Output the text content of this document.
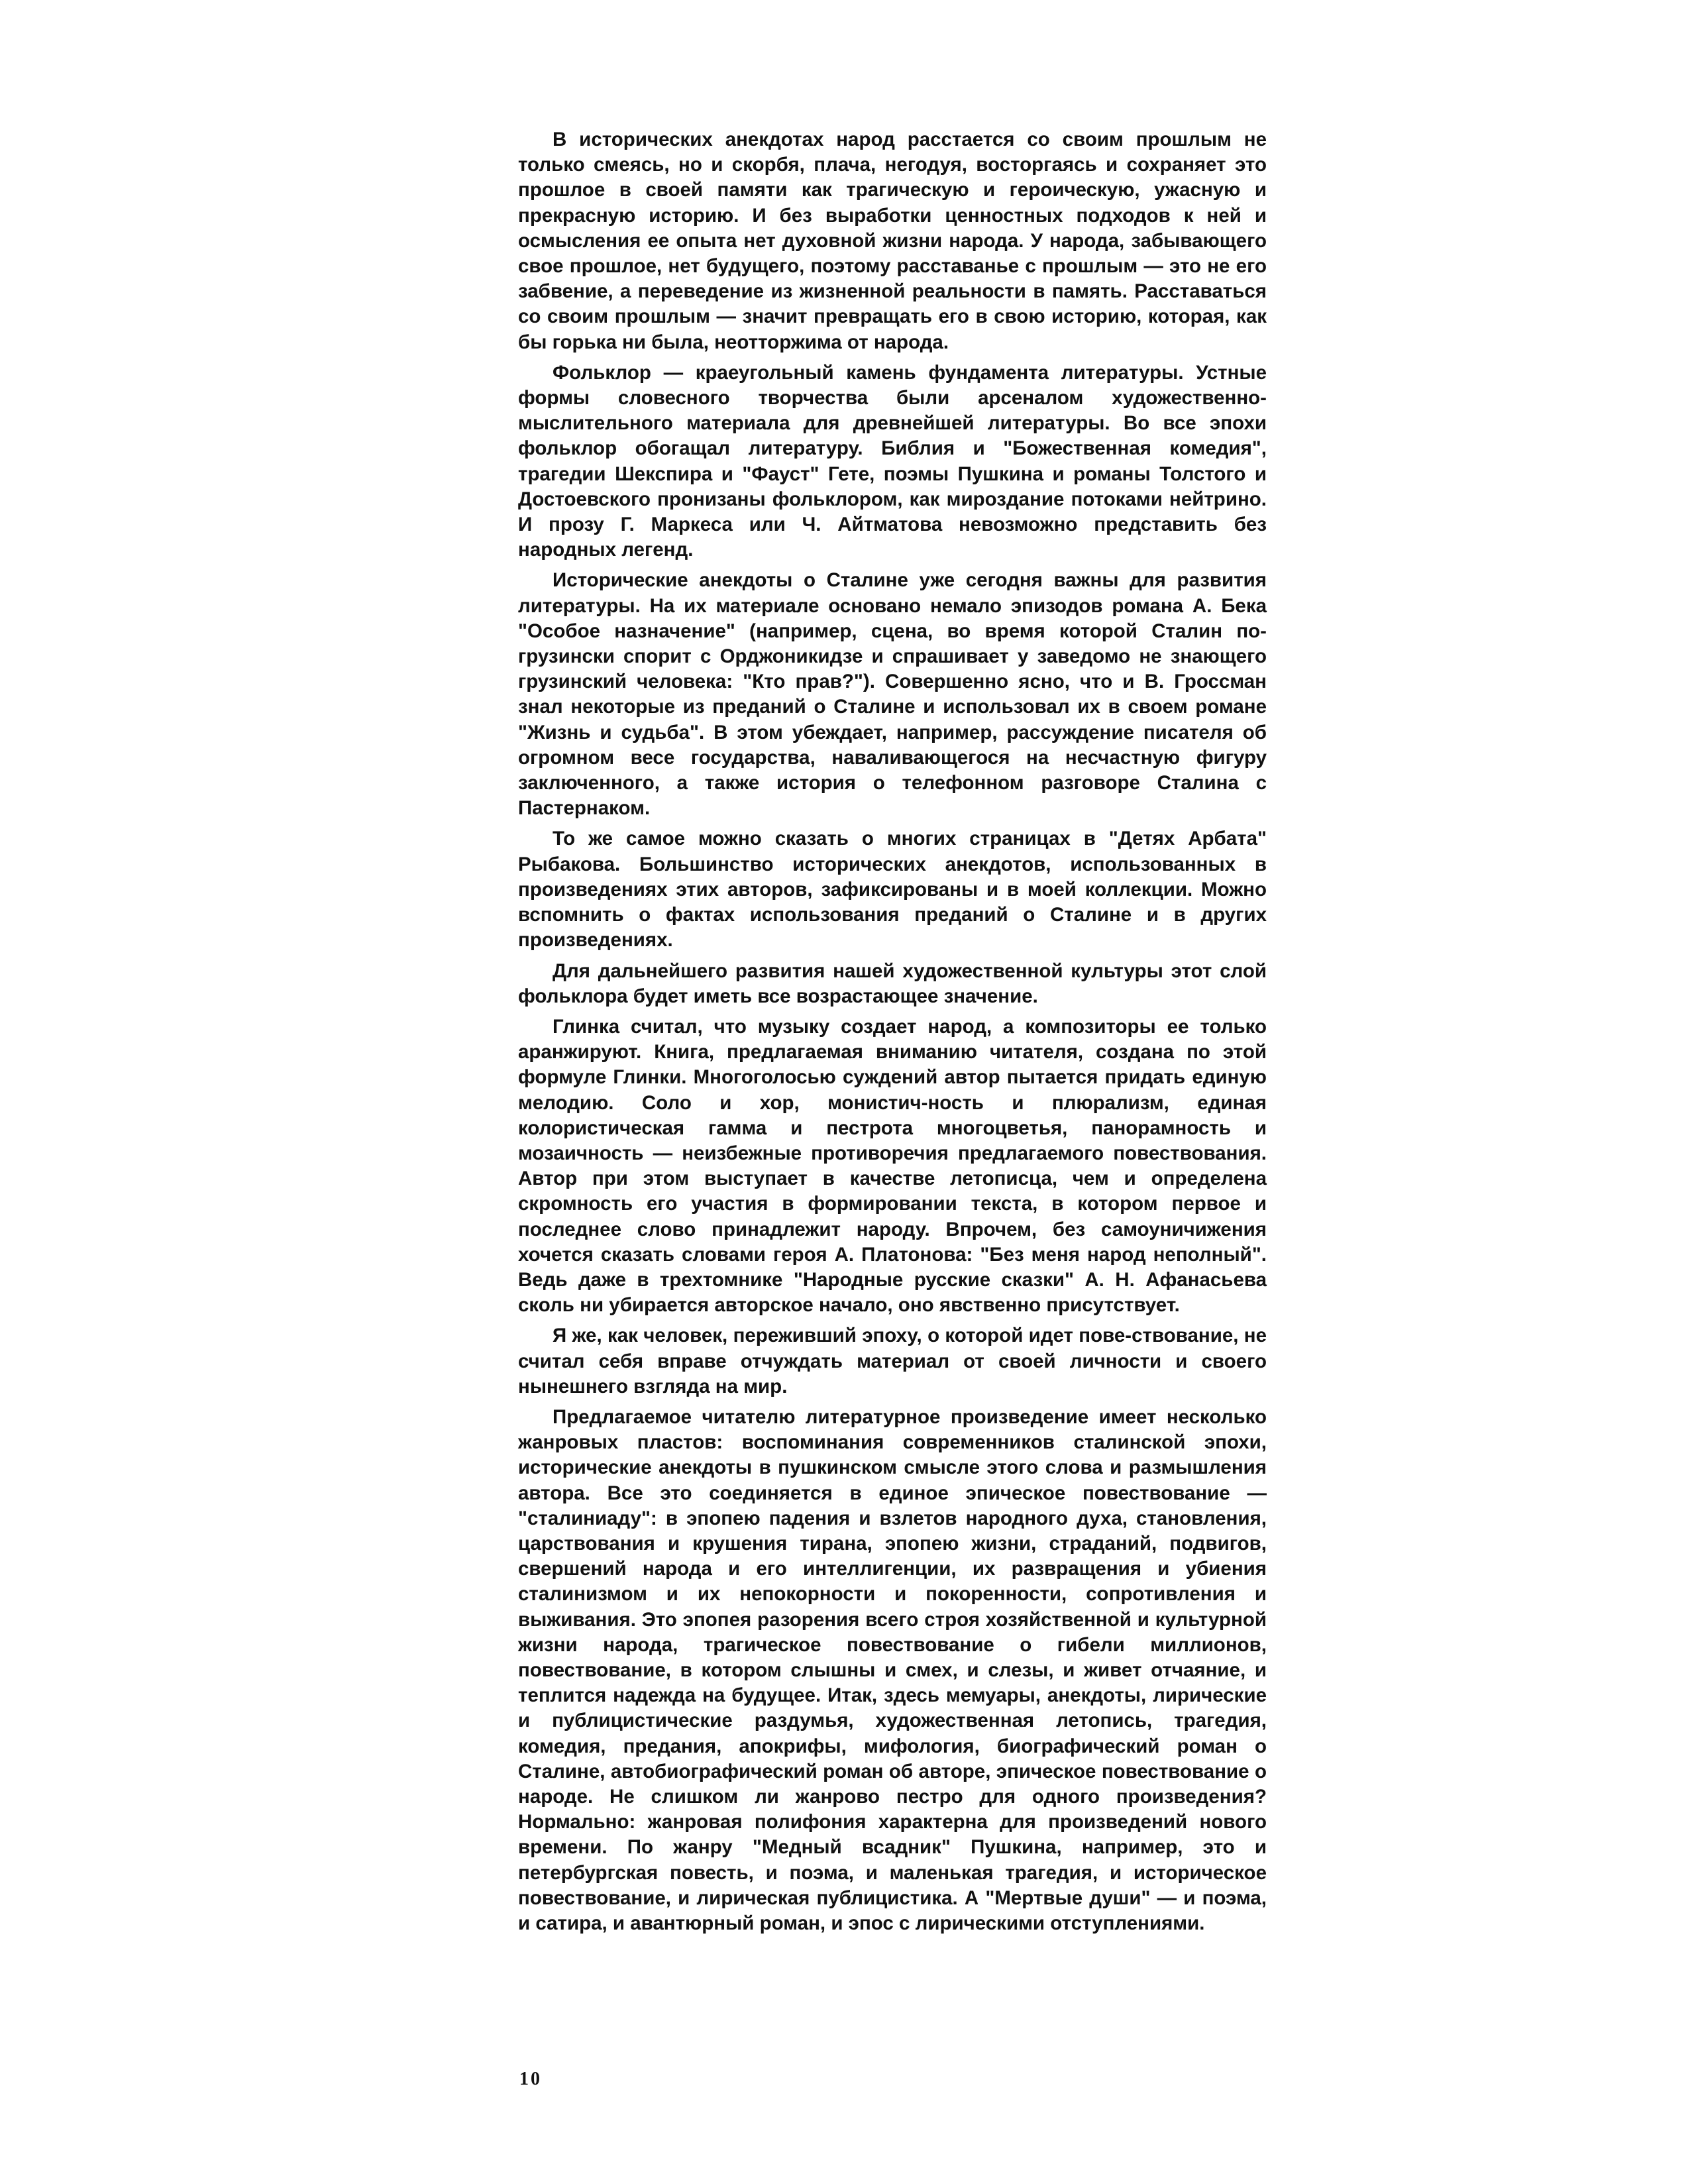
В исторических анекдотах народ расстается со своим прошлым не только смеясь, но и скорбя, плача, негодуя, восторгаясь и сохраняет это прошлое в своей памяти как трагическую и героическую, ужасную и прекрасную историю. И без выработки ценностных подходов к ней и осмысления ее опыта нет духовной жизни народа. У народа, забывающего свое прошлое, нет будущего, поэтому расставанье с прошлым — это не его забвение, а переведение из жизненной реальности в память. Расставаться со своим прошлым — значит превращать его в свою историю, которая, как бы горька ни была, неотторжима от народа.

Фольклор — краеугольный камень фундамента литературы. Устные формы словесного творчества были арсеналом художественно-мыслительного материала для древнейшей литературы. Во все эпохи фольклор обогащал литературу. Библия и "Божественная комедия", трагедии Шекспира и "Фауст" Гете, поэмы Пушкина и романы Толстого и Достоевского пронизаны фольклором, как мироздание потоками нейтрино. И прозу Г. Маркеса или Ч. Айтматова невозможно представить без народных легенд.

Исторические анекдоты о Сталине уже сегодня важны для развития литературы. На их материале основано немало эпизодов романа А. Бека "Особое назначение" (например, сцена, во время которой Сталин по-грузински спорит с Орджоникидзе и спрашивает у заведомо не знающего грузинский человека: "Кто прав?"). Совершенно ясно, что и В. Гроссман знал некоторые из преданий о Сталине и использовал их в своем романе "Жизнь и судьба". В этом убеждает, например, рассуждение писателя об огромном весе государства, наваливающегося на несчастную фигуру заключенного, а также история о телефонном разговоре Сталина с Пастернаком.

То же самое можно сказать о многих страницах в "Детях Арбата" Рыбакова. Большинство исторических анекдотов, использованных в произведениях этих авторов, зафиксированы и в моей коллекции. Можно вспомнить о фактах использования преданий о Сталине и в других произведениях.

Для дальнейшего развития нашей художественной культуры этот слой фольклора будет иметь все возрастающее значение.

Глинка считал, что музыку создает народ, а композиторы ее только аранжируют. Книга, предлагаемая вниманию читателя, создана по этой формуле Глинки. Многоголосью суждений автор пытается придать единую мелодию. Соло и хор, монистич-ность и плюрализм, единая колористическая гамма и пестрота многоцветья, панорамность и мозаичность — неизбежные противоречия предлагаемого повествования. Автор при этом выступает в качестве летописца, чем и определена скромность его участия в формировании текста, в котором первое и последнее слово принадлежит народу. Впрочем, без самоуничижения хочется сказать словами героя А. Платонова: "Без меня народ неполный". Ведь даже в трехтомнике "Народные русские сказки" А. Н. Афанасьева сколь ни убирается авторское начало, оно явственно присутствует.

Я же, как человек, переживший эпоху, о которой идет пове-ствование, не считал себя вправе отчуждать материал от своей личности и своего нынешнего взгляда на мир.

Предлагаемое читателю литературное произведение имеет несколько жанровых пластов: воспоминания современников сталинской эпохи, исторические анекдоты в пушкинском смысле этого слова и размышления автора. Все это соединяется в единое эпическое повествование — "сталиниаду": в эпопею падения и взлетов народного духа, становления, царствования и крушения тирана, эпопею жизни, страданий, подвигов, свершений народа и его интеллигенции, их развращения и убиения сталинизмом и их непокорности и покоренности, сопротивления и выживания. Это эпопея разорения всего строя хозяйственной и культурной жизни народа, трагическое повествование о гибели миллионов, повествование, в котором слышны и смех, и слезы, и живет отчаяние, и теплится надежда на будущее. Итак, здесь мемуары, анекдоты, лирические и публицистические раздумья, художественная летопись, трагедия, комедия, предания, апокрифы, мифология, биографический роман о Сталине, автобиографический роман об авторе, эпическое повествование о народе. Не слишком ли жанрово пестро для одного произведения? Нормально: жанровая полифония характерна для произведений нового времени. По жанру "Медный всадник" Пушкина, например, это и петербургская повесть, и поэма, и маленькая трагедия, и историческое повествование, и лирическая публицистика. А "Мертвые души" — и поэма, и сатира, и авантюрный роман, и эпос с лирическими отступлениями.

10
